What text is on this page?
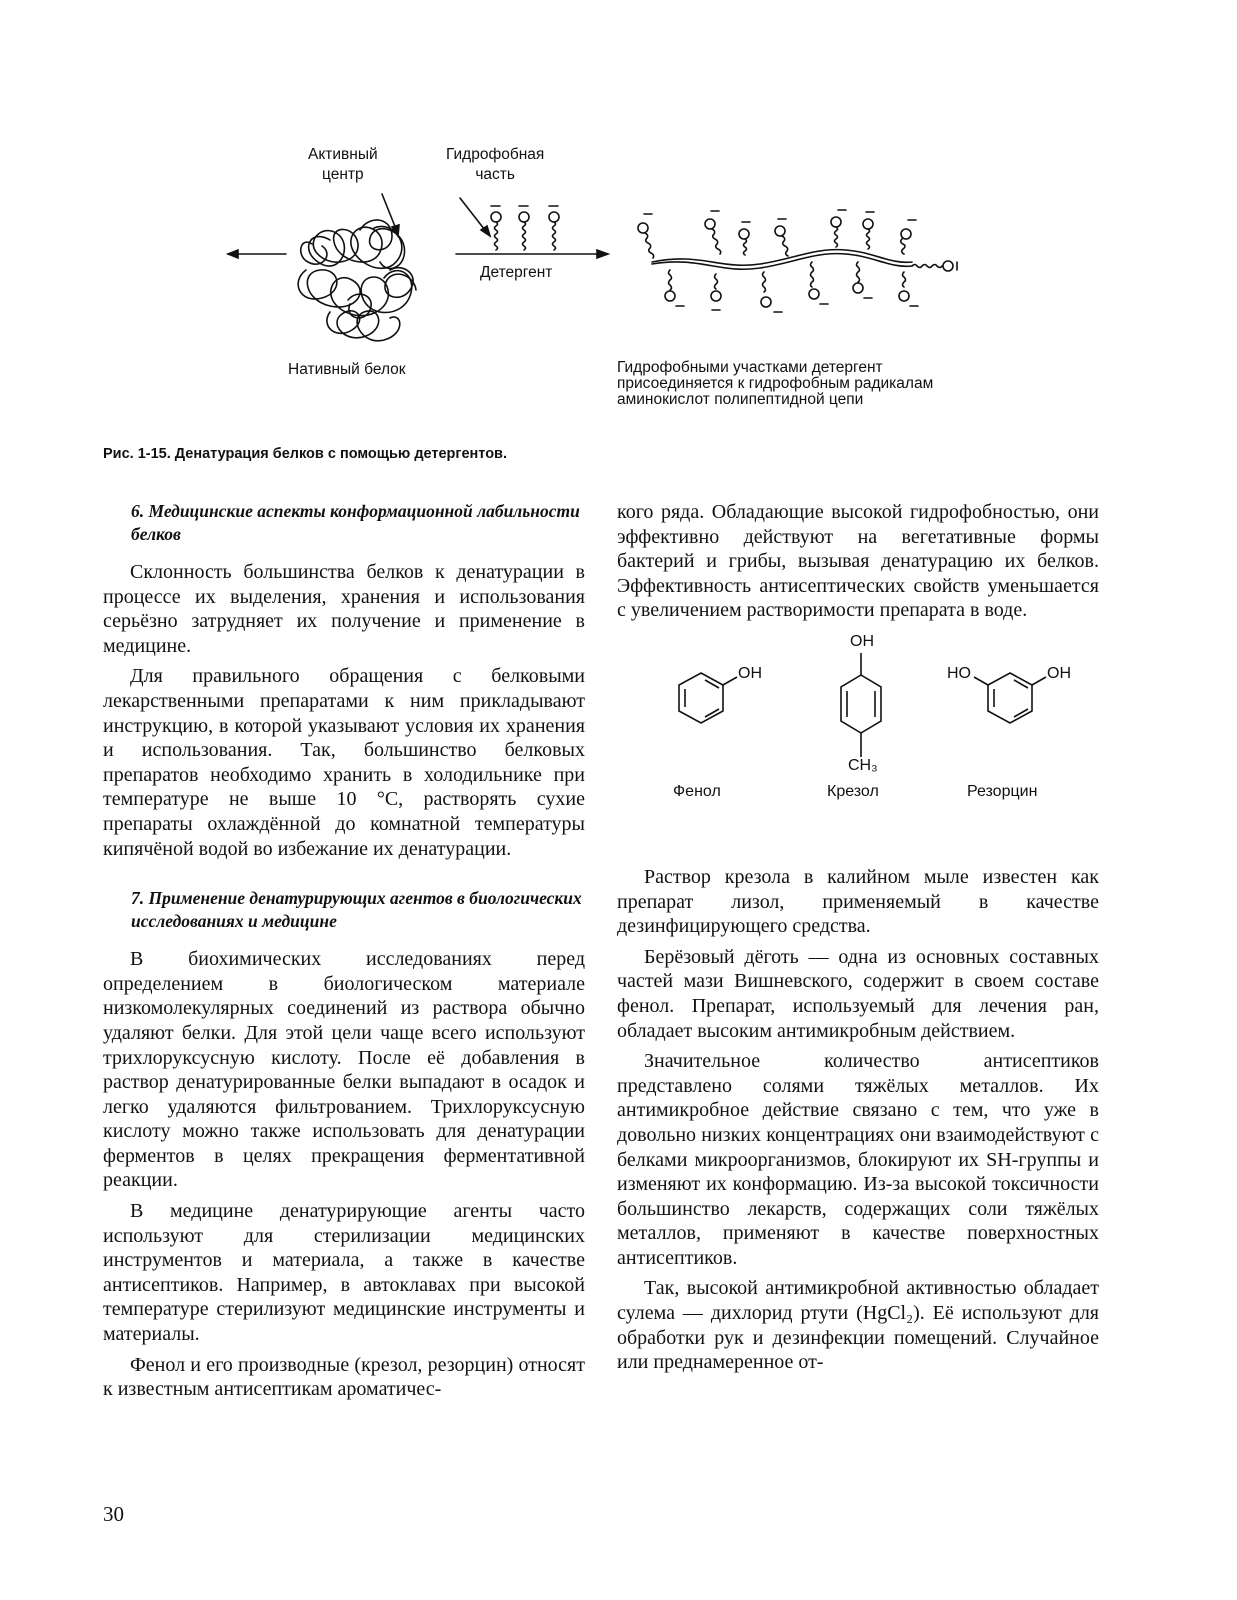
Активный
центр
Гидрофобная
часть
Детергент
Нативный белок	Гидрофобными участками детергент
присоединяется к гидрофобным радикалам
аминокислот полипептидной цепи
Рис. 1-15. Денатурация белков с помощью детергентов.
6. Медицинские аспекты конформационной лабильности белков

Склонность большинства белков к денатурации в процессе их выделения, хранения и использования серьёзно затрудняет их получение и применение в медицине.

Для правильного обращения с белковыми лекарственными препаратами к ним прикладывают инструкцию, в которой указывают условия их хранения и использования. Так, большинство белковых препаратов необходимо хранить в холодильнике при температуре не выше 10 °C, растворять сухие препараты охлаждённой до комнатной температуры кипячёной водой во избежание их денатурации.

7. Применение денатурирующих агентов в биологических исследованиях и медицине

В биохимических исследованиях перед определением в биологическом материале низкомолекулярных соединений из раствора обычно удаляют белки. Для этой цели чаще всего используют трихлоруксусную кислоту. После её добавления в раствор денатурированные белки выпадают в осадок и легко удаляются фильтрованием. Трихлоруксусную кислоту можно также использовать для денатурации ферментов в целях прекращения ферментативной реакции.

В медицине денатурирующие агенты часто используют для стерилизации медицинских инструментов и материала, а также в качестве антисептиков. Например, в автоклавах при высокой температуре стерилизуют медицинские инструменты и материалы.

Фенол и его производные (крезол, резорцин) относят к известным антисептикам ароматичес-

кого ряда. Обладающие высокой гидрофобностью, они эффективно действуют на вегетативные формы бактерий и грибы, вызывая денатурацию их белков. Эффективность антисептических свойств уменьшается с увеличением растворимости препарата в воде.

OH
OH
CH₃
HO	OH
Фенол	Крезол	Резорцин

Раствор крезола в калийном мыле известен как препарат лизол, применяемый в качестве дезинфицирующего средства.

Берёзовый дёготь — одна из основных составных частей мази Вишневского, содержит в своем составе фенол. Препарат, используемый для лечения ран, обладает высоким антимикробным действием.

Значительное количество антисептиков представлено солями тяжёлых металлов. Их антимикробное действие связано с тем, что уже в довольно низких концентрациях они взаимодействуют с белками микроорганизмов, блокируют их SH-группы и изменяют их конформацию. Из-за высокой токсичности большинство лекарств, содержащих соли тяжёлых металлов, применяют в качестве поверхностных антисептиков.

Так, высокой антимикробной активностью обладает сулема — дихлорид ртути (HgCl₂). Её используют для обработки рук и дезинфекции помещений. Случайное или преднамеренное от-

30
